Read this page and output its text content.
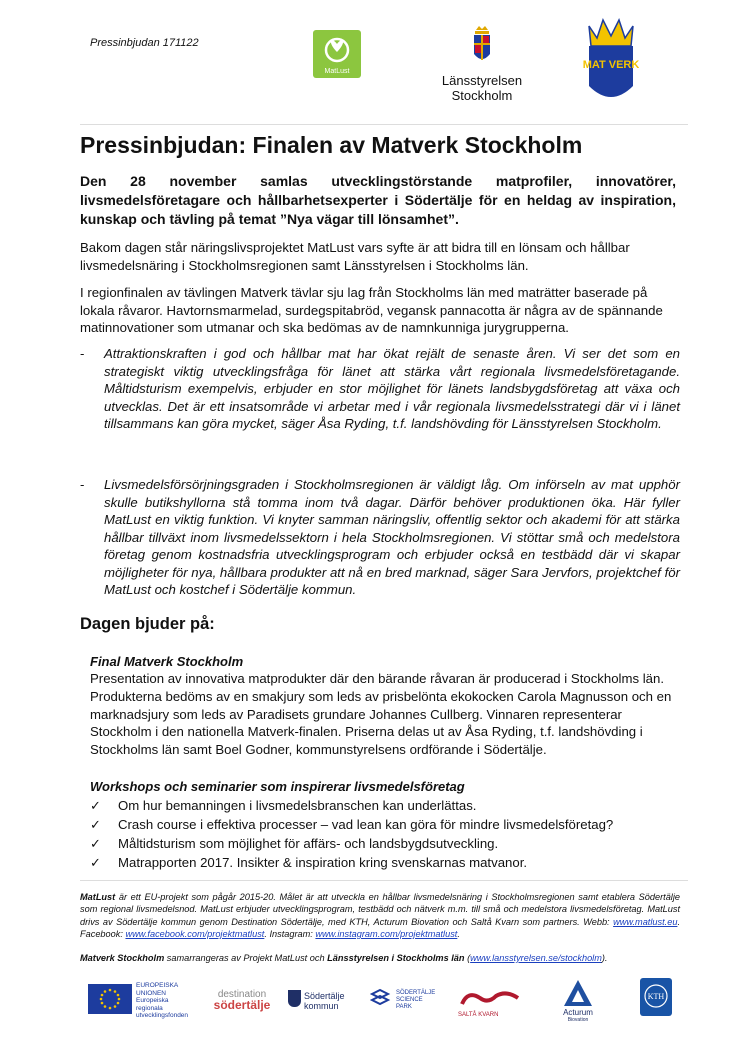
Pressinbjudan 171122
MatLust
Länsstyrelsen
Stockholm
MAT VERK
Pressinbjudan: Finalen av Matverk Stockholm
Den 28 november samlas utvecklingstörstande matprofiler, innovatörer, livsmedelsföretagare och hållbarhetsexperter i Södertälje för en heldag av inspiration, kunskap och tävling på temat ”Nya vägar till lönsamhet”.
Bakom dagen står näringslivsprojektet MatLust vars syfte är att bidra till en lönsam och hållbar livsmedelsnäring i Stockholmsregionen samt Länsstyrelsen i Stockholms län.
I regionfinalen av tävlingen Matverk tävlar sju lag från Stockholms län med maträtter baserade på lokala råvaror. Havtornsmarmelad, surdegspitabröd, vegansk pannacotta är några av de spännande matinnovationer som utmanar och ska bedömas av de namnkunniga jurygrupperna.
- Attraktionskraften i god och hållbar mat har ökat rejält de senaste åren. Vi ser det som en strategiskt viktig utvecklingsfråga för länet att stärka vårt regionala livsmedelsföretagande. Måltidsturism exempelvis, erbjuder en stor möjlighet för länets landsbygdsföretag att växa och utvecklas. Det är ett insatsområde vi arbetar med i vår regionala livsmedelsstrategi där vi i länet tillsammans kan göra mycket, säger Åsa Ryding, t.f. landshövding för Länsstyrelsen Stockholm.
- Livsmedelsförsörjningsgraden i Stockholmsregionen är väldigt låg. Om införseln av mat upphör skulle butikshyllorna stå tomma inom två dagar. Därför behöver produktionen öka. Här fyller MatLust en viktig funktion. Vi knyter samman näringsliv, offentlig sektor och akademi för att stärka hållbar tillväxt inom livsmedelssektorn i hela Stockholmsregionen. Vi stöttar små och medelstora företag genom kostnadsfria utvecklingsprogram och erbjuder också en testbädd där vi skapar möjligheter för nya, hållbara produkter att nå en bred marknad, säger Sara Jervfors, projektchef för MatLust och kostchef i Södertälje kommun.
Dagen bjuder på:
Final Matverk Stockholm
Presentation av innovativa matprodukter där den bärande råvaran är producerad i Stockholms län. Produkterna bedöms av en smakjury som leds av prisbelönta ekokocken Carola Magnusson och en marknadsjury som leds av Paradisets grundare Johannes Cullberg. Vinnaren representerar Stockholm i den nationella Matverk-finalen. Priserna delas ut av Åsa Ryding, t.f. landshövding i Stockholms län samt Boel Godner, kommunstyrelsens ordförande i Södertälje.
Workshops och seminarier som inspirerar livsmedelsföretag
✓	Om hur bemanningen i livsmedelsbranschen kan underlättas.
✓	Crash course i effektiva processer – vad lean kan göra för mindre livsmedelsföretag?
✓	Måltidsturism som möjlighet för affärs- och landsbygdsutveckling.
✓	Matrapporten 2017. Insikter & inspiration kring svenskarnas matvanor.
MatLust är ett EU-projekt som pågår 2015-20. Målet är att utveckla en hållbar livsmedelsnäring i Stockholmsregionen samt etablera Södertälje som regional livsmedelsnod. MatLust erbjuder utvecklingsprogram, testbädd och nätverk m.m. till små och medelstora livsmedelsföretag. MatLust drivs av Södertälje kommun genom Destination Södertälje, med KTH, Acturum Biovation och Saltå Kvarn som partners. Webb: www.matlust.eu. Facebook: www.facebook.com/projektmatlust. Instagram: www.instagram.com/projektmatlust.
Matverk Stockholm samarrangeras av Projekt MatLust och Länsstyrelsen i Stockholms län (www.lansstyrelsen.se/stockholm).
EUROPEISKA
UNIONEN
Europeiska
regionala
utvecklingsfonden
destination
södertälje
Södertälje
kommun
SÖDERTÄLJE
SCIENCE
PARK
SALTÅ KVARN	Acturum
Biovation
KTH
